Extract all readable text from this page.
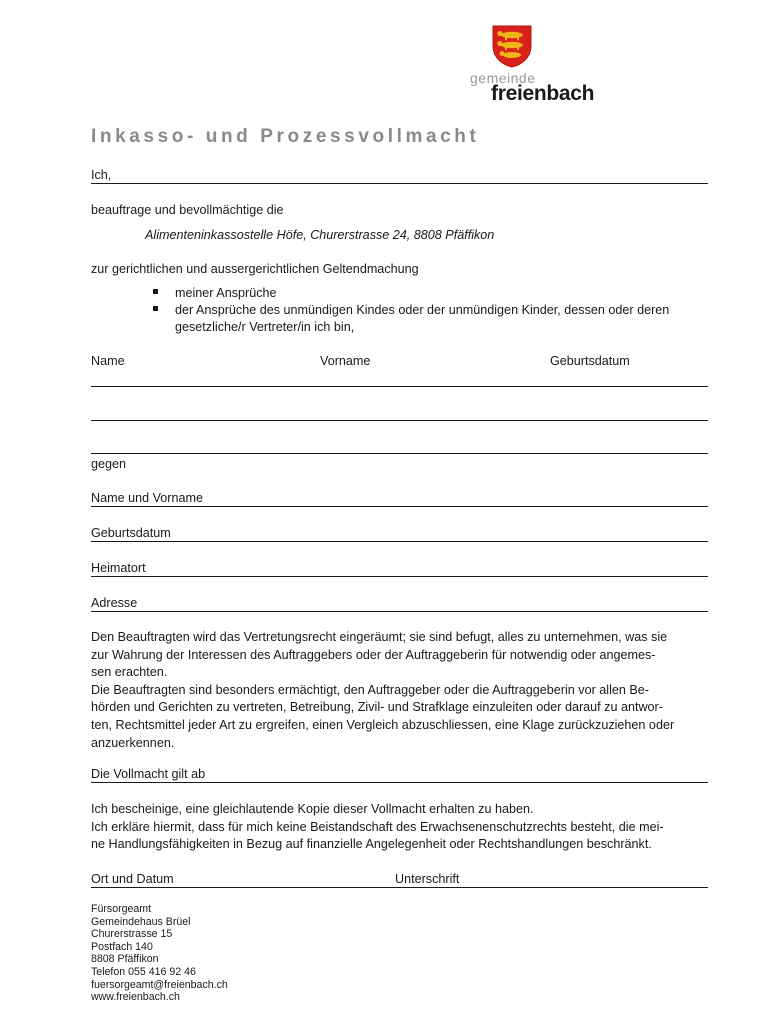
gemeinde
freienbach
Inkasso- und Prozessvollmacht
Ich,
beauftrage und bevollmächtige die
Alimenteninkassostelle Höfe, Churerstrasse 24, 8808 Pfäffikon
zur gerichtlichen und aussergerichtlichen Geltendmachung
meiner Ansprüche
der Ansprüche des unmündigen Kindes oder der unmündigen Kinder, dessen oder deren
gesetzliche/r Vertreter/in ich bin,
Name	Vorname	Geburtsdatum
gegen
Name und Vorname
Geburtsdatum
Heimatort
Adresse
Den Beauftragten wird das Vertretungsrecht eingeräumt; sie sind befugt, alles zu unternehmen, was sie
zur Wahrung der Interessen des Auftraggebers oder der Auftraggeberin für notwendig oder angemes-
sen erachten.
Die Beauftragten sind besonders ermächtigt, den Auftraggeber oder die Auftraggeberin vor allen Be-
hörden und Gerichten zu vertreten, Betreibung, Zivil- und Strafklage einzuleiten oder darauf zu antwor-
ten, Rechtsmittel jeder Art zu ergreifen, einen Vergleich abzuschliessen, eine Klage zurückzuziehen oder
anzuerkennen.
Die Vollmacht gilt ab
Ich bescheinige, eine gleichlautende Kopie dieser Vollmacht erhalten zu haben.
Ich erkläre hiermit, dass für mich keine Beistandschaft des Erwachsenenschutzrechts besteht, die mei-
ne Handlungsfähigkeiten in Bezug auf finanzielle Angelegenheit oder Rechtshandlungen beschränkt.
Ort und Datum	Unterschrift
Fürsorgeamt
Gemeindehaus Brüel
Churerstrasse 15
Postfach 140
8808 Pfäffikon
Telefon 055 416 92 46
fuersorgeamt@freienbach.ch
www.freienbach.ch
